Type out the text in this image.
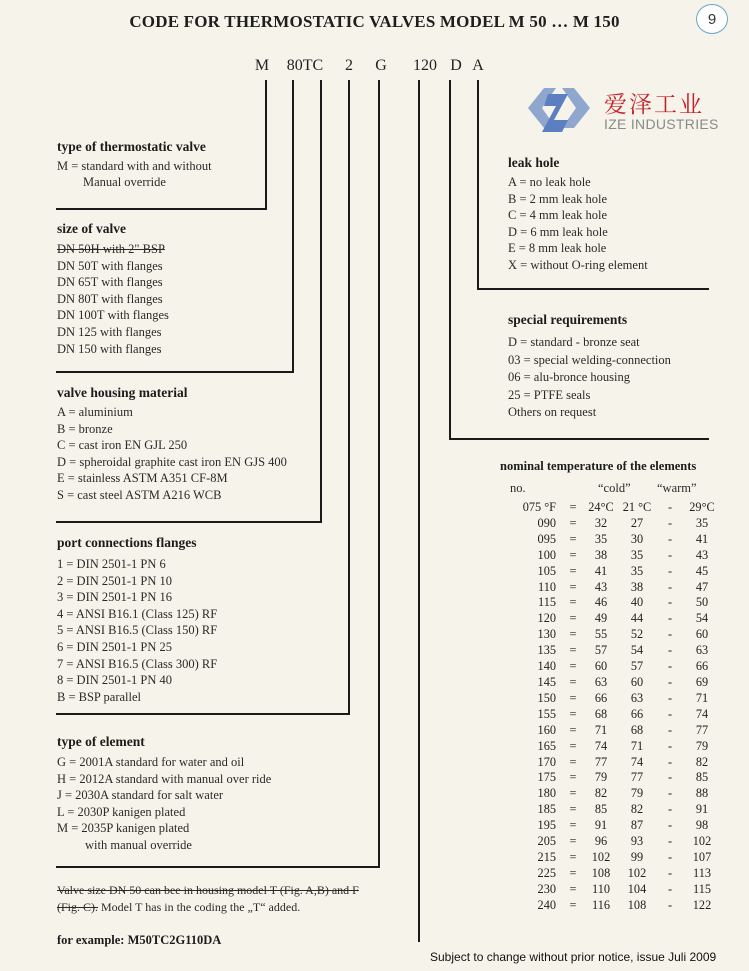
CODE FOR THERMOSTATIC VALVES MODEL M 50 … M 150	9
M 80TC 2 G 120 D A
爱泽工业
IZE INDUSTRIES
type of thermostatic valve
M = standard with and without
Manual override
size of valve
DN 50H with 2" BSP
DN 50T with flanges
DN 65T with flanges
DN 80T with flanges
DN 100T with flanges
DN 125 with flanges
DN 150 with flanges
valve housing material
A = aluminium
B = bronze
C = cast iron EN GJL 250
D = spheroidal graphite cast iron EN GJS 400
E = stainless ASTM A351 CF-8M
S = cast steel ASTM A216 WCB
port connections flanges
1 = DIN 2501-1 PN 6
2 = DIN 2501-1 PN 10
3 = DIN 2501-1 PN 16
4 = ANSI B16.1 (Class 125) RF
5 = ANSI B16.5 (Class 150) RF
6 = DIN 2501-1 PN 25
7 = ANSI B16.5 (Class 300) RF
8 = DIN 2501-1 PN 40
B = BSP parallel
type of element
G = 2001A standard for water and oil
H = 2012A standard with manual over ride
J = 2030A standard for salt water
L = 2030P kanigen plated
M = 2035P kanigen plated
with manual override
Valve size DN 50 can bee in housing model T (Fig. A,B) and F
(Fig. C). Model T has in the coding the „T“ added.
for example: M50TC2G110DA
leak hole
A = no leak hole
B = 2 mm leak hole
C = 4 mm leak hole
D = 6 mm leak hole
E = 8 mm leak hole
X = without O-ring element
special requirements
D = standard - bronze seat
03 = special welding-connection
06 = alu-bronce housing
25 = PTFE seals
Others on request
nominal temperature of the elements
no.	“cold” “warm”
075 °F	=	24°C	21 °C	-	29°C
090	=	32	27	-	35
095	=	35	30	-	41
100	=	38	35	-	43
105	=	41	35	-	45
110	=	43	38	-	47
115	=	46	40	-	50
120	=	49	44	-	54
130	=	55	52	-	60
135	=	57	54	-	63
140	=	60	57	-	66
145	=	63	60	-	69
150	=	66	63	-	71
155	=	68	66	-	74
160	=	71	68	-	77
165	=	74	71	-	79
170	=	77	74	-	82
175	=	79	77	-	85
180	=	82	79	-	88
185	=	85	82	-	91
195	=	91	87	-	98
205	=	96	93	-	102
215	=	102	99	-	107
225	=	108	102	-	113
230	=	110	104	-	115
240	=	116	108	-	122
Subject to change without prior notice, issue Juli 2009
